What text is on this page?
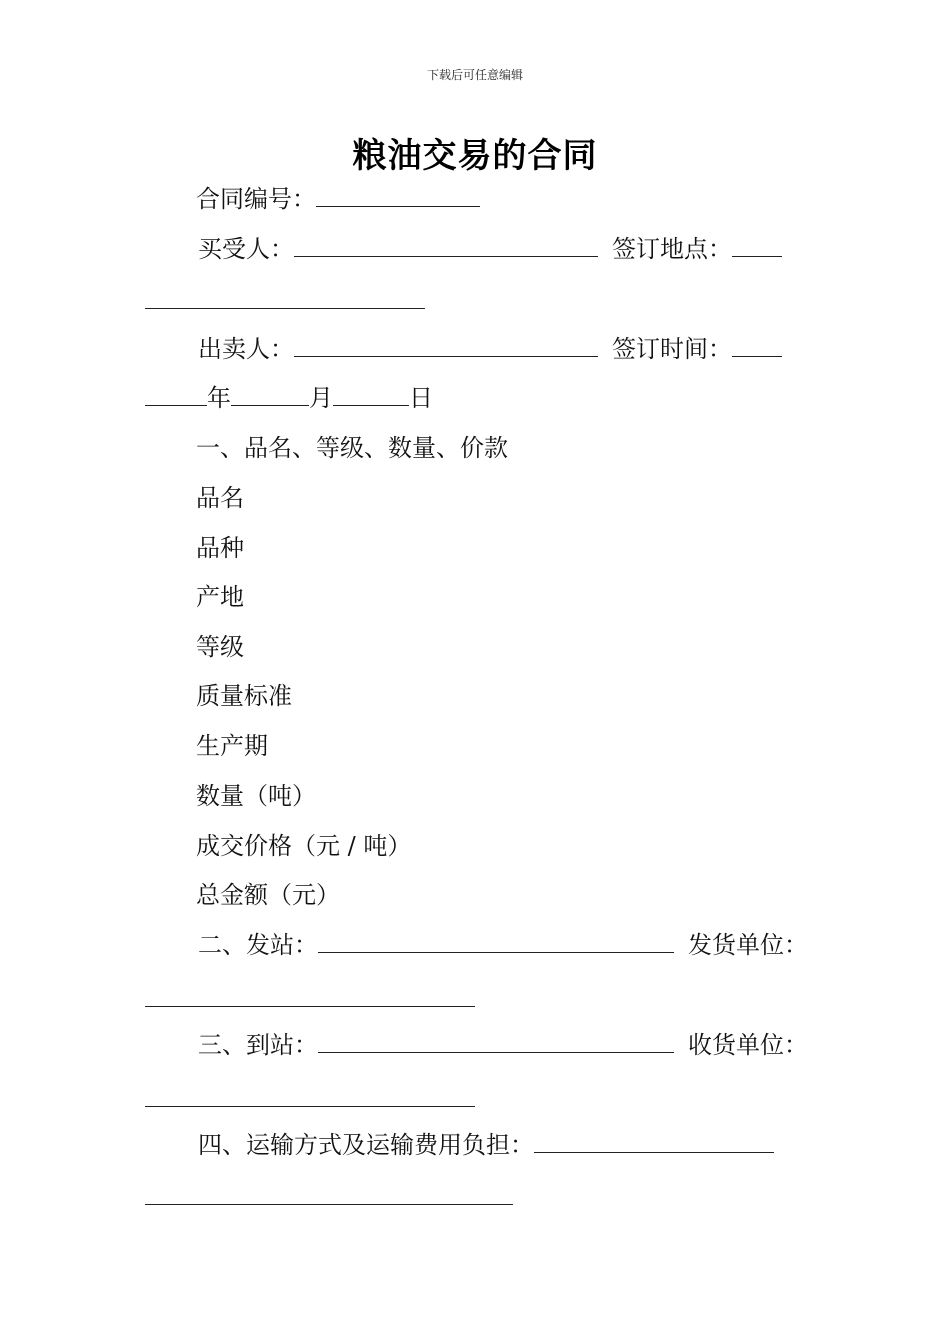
下载后可任意编辑
粮油交易的合同
合同编号：
买受人：	签订地点：
出卖人：	签订时间：
年	月	日
一、品名、等级、数量、价款
品名
品种
产地
等级
质量标准
生产期
数量（吨）
成交价格（元 / 吨）
总金额（元）
二、发站：	发货单位：
三、到站：	收货单位：
四、运输方式及运输费用负担：
